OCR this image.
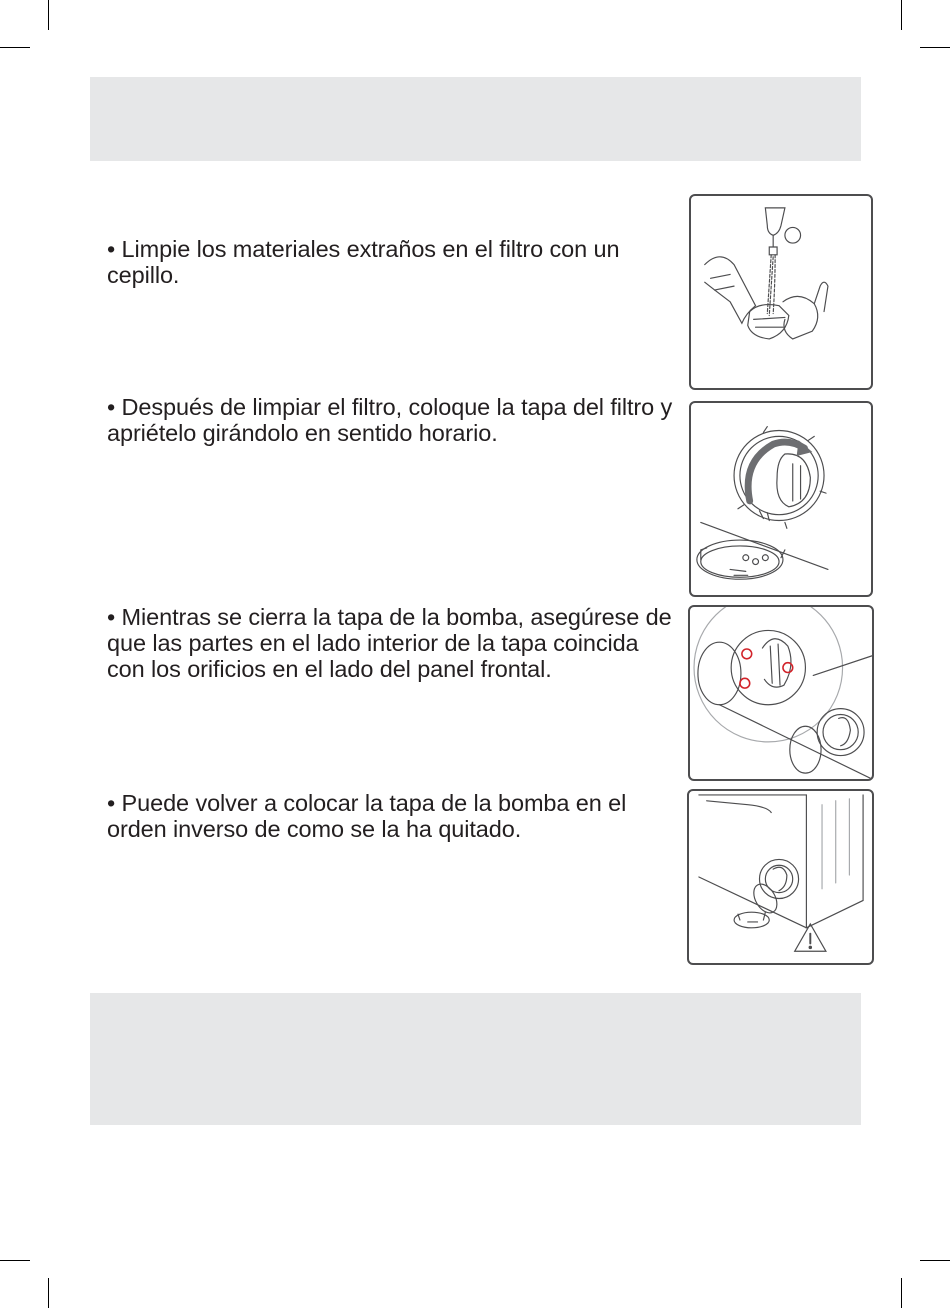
• Limpie los materiales extraños en el filtro con un cepillo.

• Después de limpiar el filtro, coloque la tapa del filtro y apriételo girándolo en sentido horario.

• Mientras se cierra la tapa de la bomba, asegúrese de que las partes en el lado interior de la tapa coincida con los orificios en el lado del panel frontal.

• Puede volver a colocar la tapa de la bomba en el orden inverso de como se la ha quitado.
